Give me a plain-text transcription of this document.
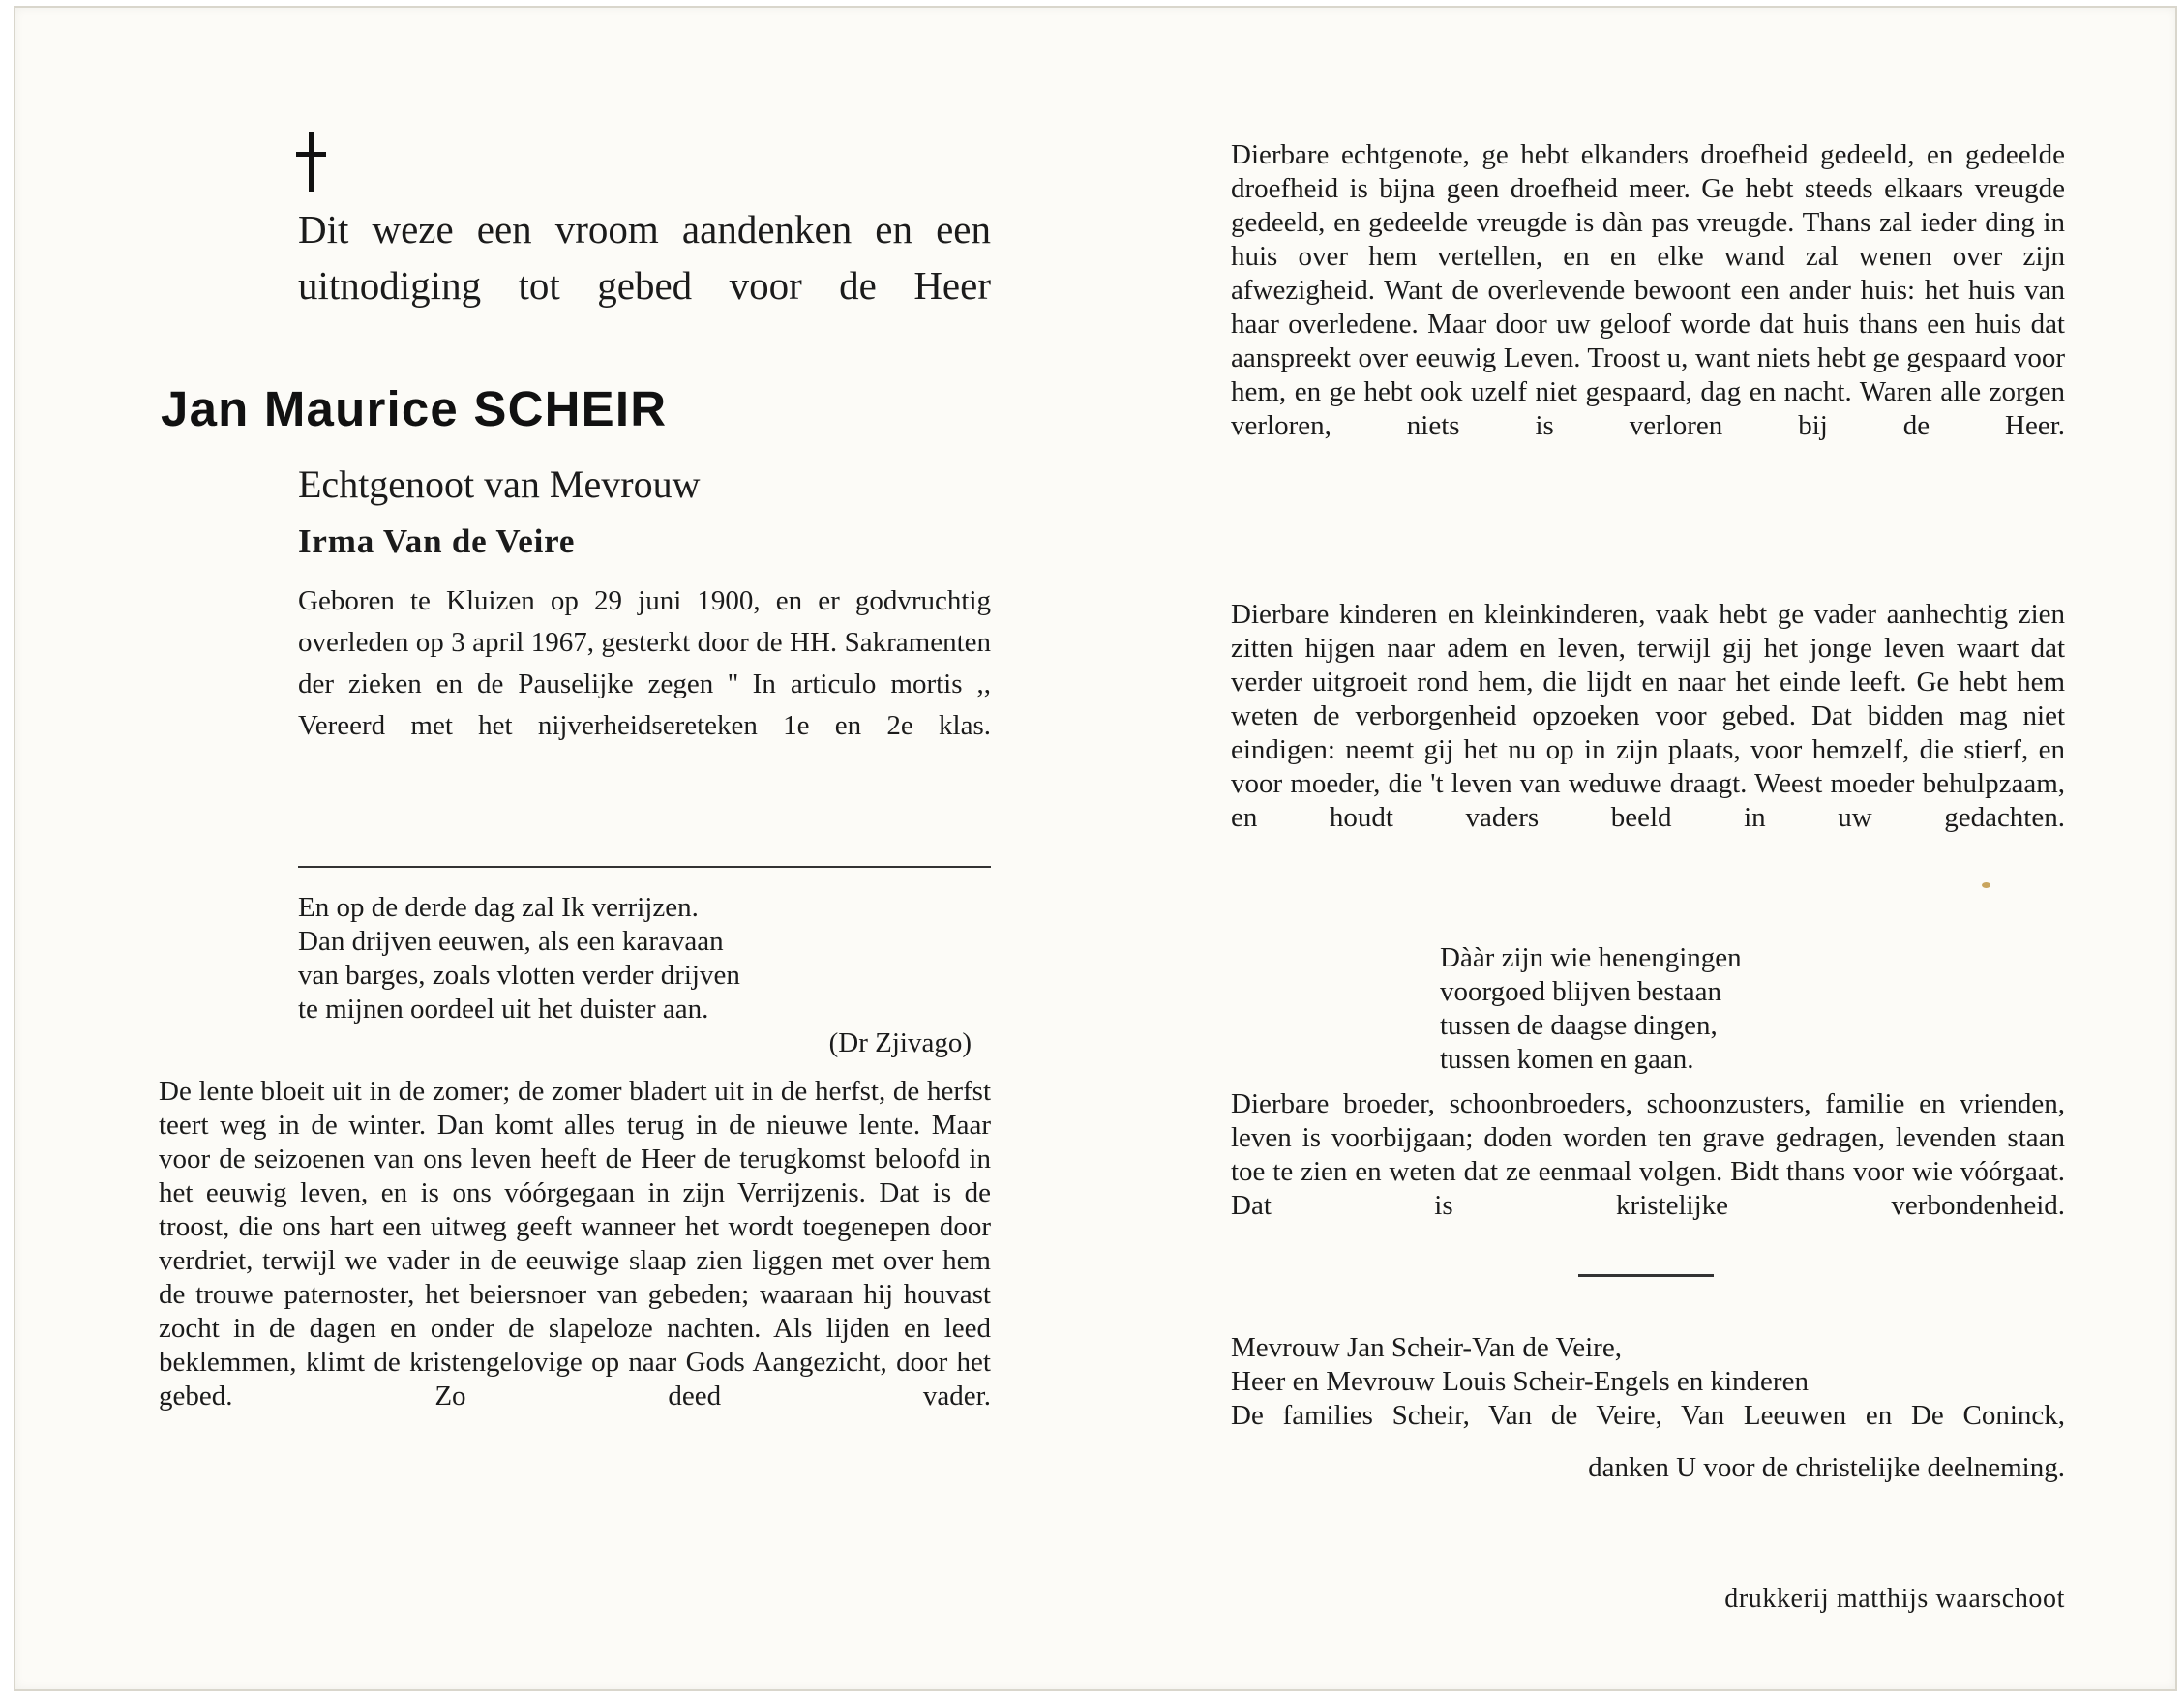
Dit weze een vroom aandenken en een uitnodiging tot gebed voor de Heer
Jan Maurice SCHEIR
Echtgenoot van Mevrouw
Irma Van de Veire
Geboren te Kluizen op 29 juni 1900, en er godvruchtig overleden op 3 april 1967, gesterkt door de HH. Sakramenten der zieken en de Pauselijke zegen '' In articulo mortis ,, Vereerd met het nijverheidsereteken 1e en 2e klas.
En op de derde dag zal Ik verrijzen.
Dan drijven eeuwen, als een karavaan
van barges, zoals vlotten verder drijven
te mijnen oordeel uit het duister aan.
(Dr Zjivago)
De lente bloeit uit in de zomer; de zomer bladert uit in de herfst, de herfst teert weg in de winter. Dan komt alles terug in de nieuwe lente. Maar voor de seizoenen van ons leven heeft de Heer de terugkomst beloofd in het eeuwig leven, en is ons vóórgegaan in zijn Verrijzenis. Dat is de troost, die ons hart een uitweg geeft wanneer het wordt toegenepen door verdriet, terwijl we vader in de eeuwige slaap zien liggen met over hem de trouwe paternoster, het beiersnoer van gebeden; waaraan hij houvast zocht in de dagen en onder de slapeloze nachten. Als lijden en leed beklemmen, klimt de kristengelovige op naar Gods Aangezicht, door het gebed. Zo deed vader.
Dierbare echtgenote, ge hebt elkanders droefheid gedeeld, en gedeelde droefheid is bijna geen droefheid meer. Ge hebt steeds elkaars vreugde gedeeld, en gedeelde vreugde is dàn pas vreugde. Thans zal ieder ding in huis over hem vertellen, en en elke wand zal wenen over zijn afwezigheid. Want de overlevende bewoont een ander huis: het huis van haar overledene. Maar door uw geloof worde dat huis thans een huis dat aanspreekt over eeuwig Leven. Troost u, want niets hebt ge gespaard voor hem, en ge hebt ook uzelf niet gespaard, dag en nacht. Waren alle zorgen verloren, niets is verloren bij de Heer.
Dierbare kinderen en kleinkinderen, vaak hebt ge vader aanhechtig zien zitten hijgen naar adem en leven, terwijl gij het jonge leven waart dat verder uitgroeit rond hem, die lijdt en naar het einde leeft. Ge hebt hem weten de verborgenheid opzoeken voor gebed. Dat bidden mag niet eindigen: neemt gij het nu op in zijn plaats, voor hemzelf, die stierf, en voor moeder, die 't leven van weduwe draagt. Weest moeder behulpzaam, en houdt vaders beeld in uw gedachten.
Dààr zijn wie henengingen
voorgoed blijven bestaan
tussen de daagse dingen,
tussen komen en gaan.
Dierbare broeder, schoonbroeders, schoonzusters, familie en vrienden, leven is voorbijgaan; doden worden ten grave gedragen, levenden staan toe te zien en weten dat ze eenmaal volgen. Bidt thans voor wie vóórgaat. Dat is kristelijke verbondenheid.
Mevrouw Jan Scheir-Van de Veire,
Heer en Mevrouw Louis Scheir-Engels en kinderen
De families Scheir, Van de Veire, Van Leeuwen en De Coninck,
danken U voor de christelijke deelneming.
drukkerij matthijs waarschoot
